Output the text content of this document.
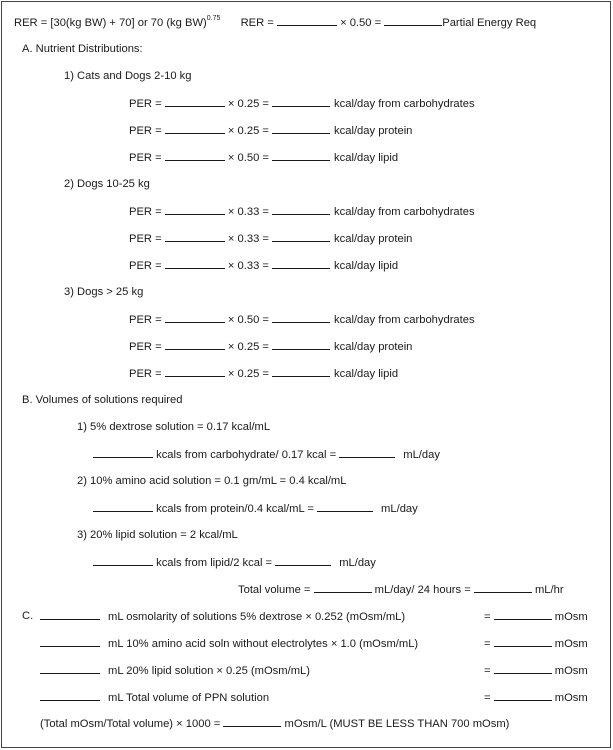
RER = [30(kg BW) + 70] or 70 (kg BW)$^{0.75}$ RER =	× 0.50 =	Partial Energy Req
A. Nutrient Distributions:
1) Cats and Dogs 2-10 kg
2) Dogs 10-25 kg
3) Dogs > 25 kg
PER =	× 0.25 =	kcal/day from carbohydrates
PER =	× 0.25 =	kcal/day protein
PER =	× 0.50 =	kcal/day lipid
PER =	× 0.33 =	kcal/day from carbohydrates
PER =	× 0.33 =	kcal/day protein
PER =	× 0.33 =	kcal/day lipid
PER =	× 0.50 =	kcal/day from carbohydrates
PER =	× 0.25 =	kcal/day protein
PER =	× 0.25 =	kcal/day lipid
B. Volumes of solutions required
1) 5% dextrose solution = 0.17 kcal/mL
kcals from carbohydrate/ 0.17 kcal =	mL/day
2) 10% amino acid solution = 0.1 gm/mL = 0.4 kcal/mL
kcals from protein/0.4 kcal/mL =	mL/day
3) 20% lipid solution = 2 kcal/mL
kcals from lipid/2 kcal =	mL/day
Total volume =	mL/day/ 24 hours =	mL/hr
C.	mL osmolarity of solutions 5% dextrose × 0.252 (mOsm/mL)	=	mOsm
mL 10% amino acid soln without electrolytes × 1.0 (mOsm/mL)	=	mOsm
mL 20% lipid solution × 0.25 (mOsm/mL)	=	mOsm
mL Total volume of PPN solution	=	mOsm
(Total mOsm/Total volume) × 1000 =	mOsm/L (MUST BE LESS THAN 700 mOsm)
